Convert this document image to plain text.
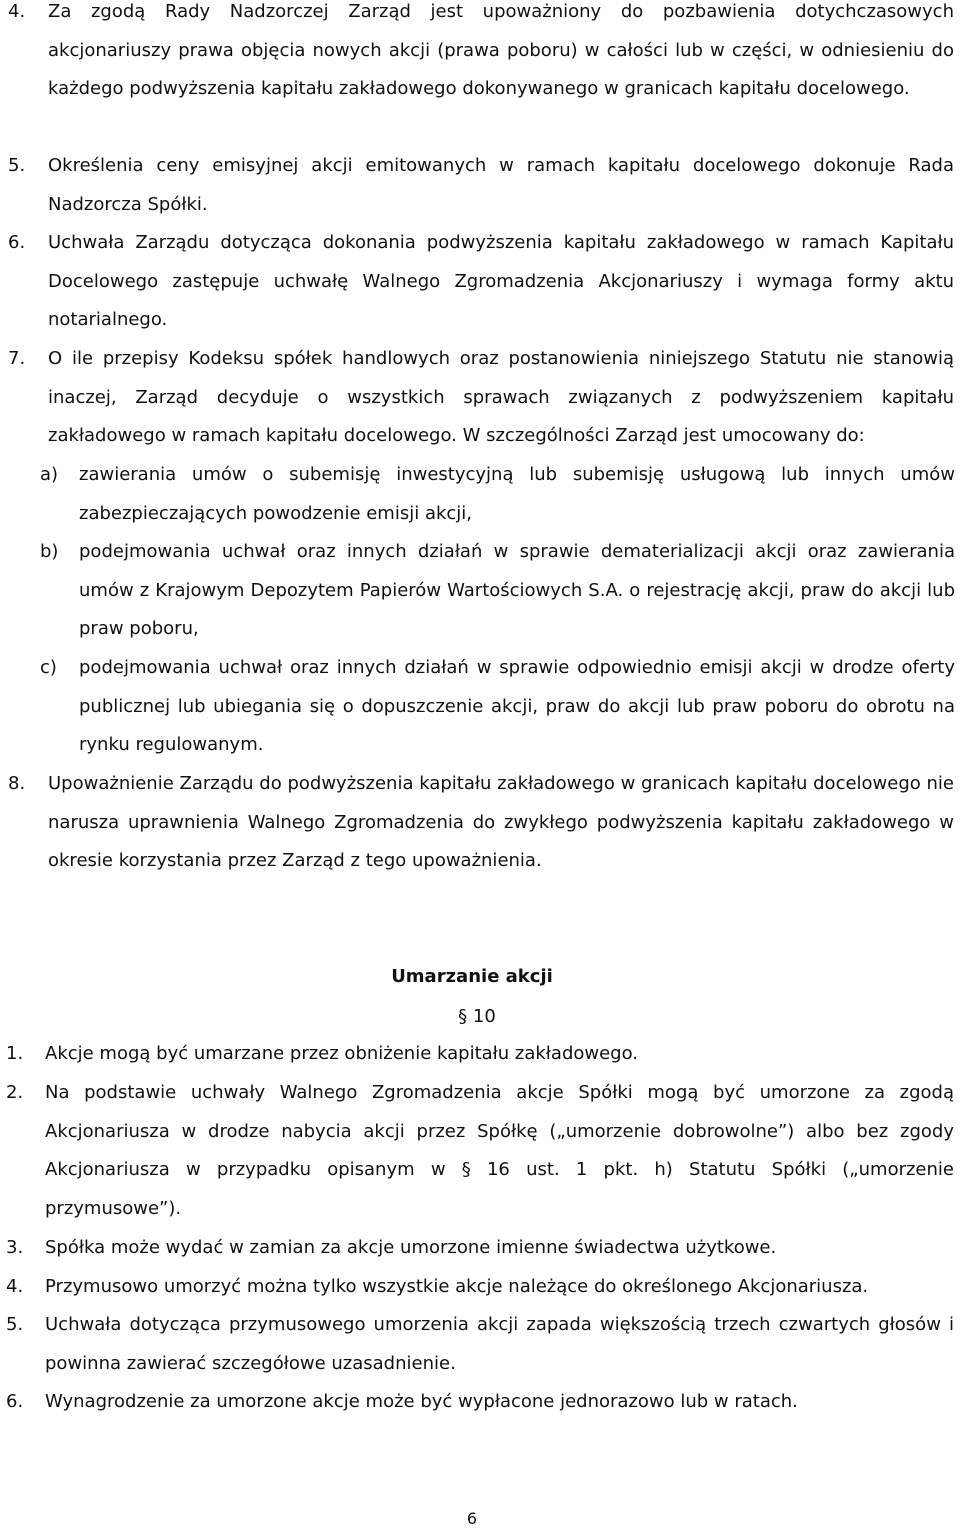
4. Za zgodą Rady Nadzorczej Zarząd jest upoważniony do pozbawienia dotychczasowych akcjonariuszy prawa objęcia nowych akcji (prawa poboru) w całości lub w części, w odniesieniu do każdego podwyższenia kapitału zakładowego dokonywanego w granicach kapitału docelowego.
5. Określenia ceny emisyjnej akcji emitowanych w ramach kapitału docelowego dokonuje Rada Nadzorcza Spółki.
6. Uchwała Zarządu dotycząca dokonania podwyższenia kapitału zakładowego w ramach Kapitału Docelowego zastępuje uchwałę Walnego Zgromadzenia Akcjonariuszy i wymaga formy aktu notarialnego.
7. O ile przepisy Kodeksu spółek handlowych oraz postanowienia niniejszego Statutu nie stanowią inaczej, Zarząd decyduje o wszystkich sprawach związanych z podwyższeniem kapitału zakładowego w ramach kapitału docelowego. W szczególności Zarząd jest umocowany do:
a) zawierania umów o subemisję inwestycyjną lub subemisję usługową lub innych umów zabezpieczających powodzenie emisji akcji,
b) podejmowania uchwał oraz innych działań w sprawie dematerializacji akcji oraz zawierania umów z Krajowym Depozytem Papierów Wartościowych S.A. o rejestrację akcji, praw do akcji lub praw poboru,
c) podejmowania uchwał oraz innych działań w sprawie odpowiednio emisji akcji w drodze oferty publicznej lub ubiegania się o dopuszczenie akcji, praw do akcji lub praw poboru do obrotu na rynku regulowanym.
8. Upoważnienie Zarządu do podwyższenia kapitału zakładowego w granicach kapitału docelowego nie narusza uprawnienia Walnego Zgromadzenia do zwykłego podwyższenia kapitału zakładowego w okresie korzystania przez Zarząd z tego upoważnienia.
Umarzanie akcji
§ 10
1. Akcje mogą być umarzane przez obniżenie kapitału zakładowego.
2. Na podstawie uchwały Walnego Zgromadzenia akcje Spółki mogą być umorzone za zgodą Akcjonariusza w drodze nabycia akcji przez Spółkę („umorzenie dobrowolne”) albo bez zgody Akcjonariusza w przypadku opisanym w § 16 ust. 1 pkt. h) Statutu Spółki („umorzenie przymusowe”).
3. Spółka może wydać w zamian za akcje umorzone imienne świadectwa użytkowe.
4. Przymusowo umorzyć można tylko wszystkie akcje należące do określonego Akcjonariusza.
5. Uchwała dotycząca przymusowego umorzenia akcji zapada większością trzech czwartych głosów i powinna zawierać szczegółowe uzasadnienie.
6. Wynagrodzenie za umorzone akcje może być wypłacone jednorazowo lub w ratach.
6
